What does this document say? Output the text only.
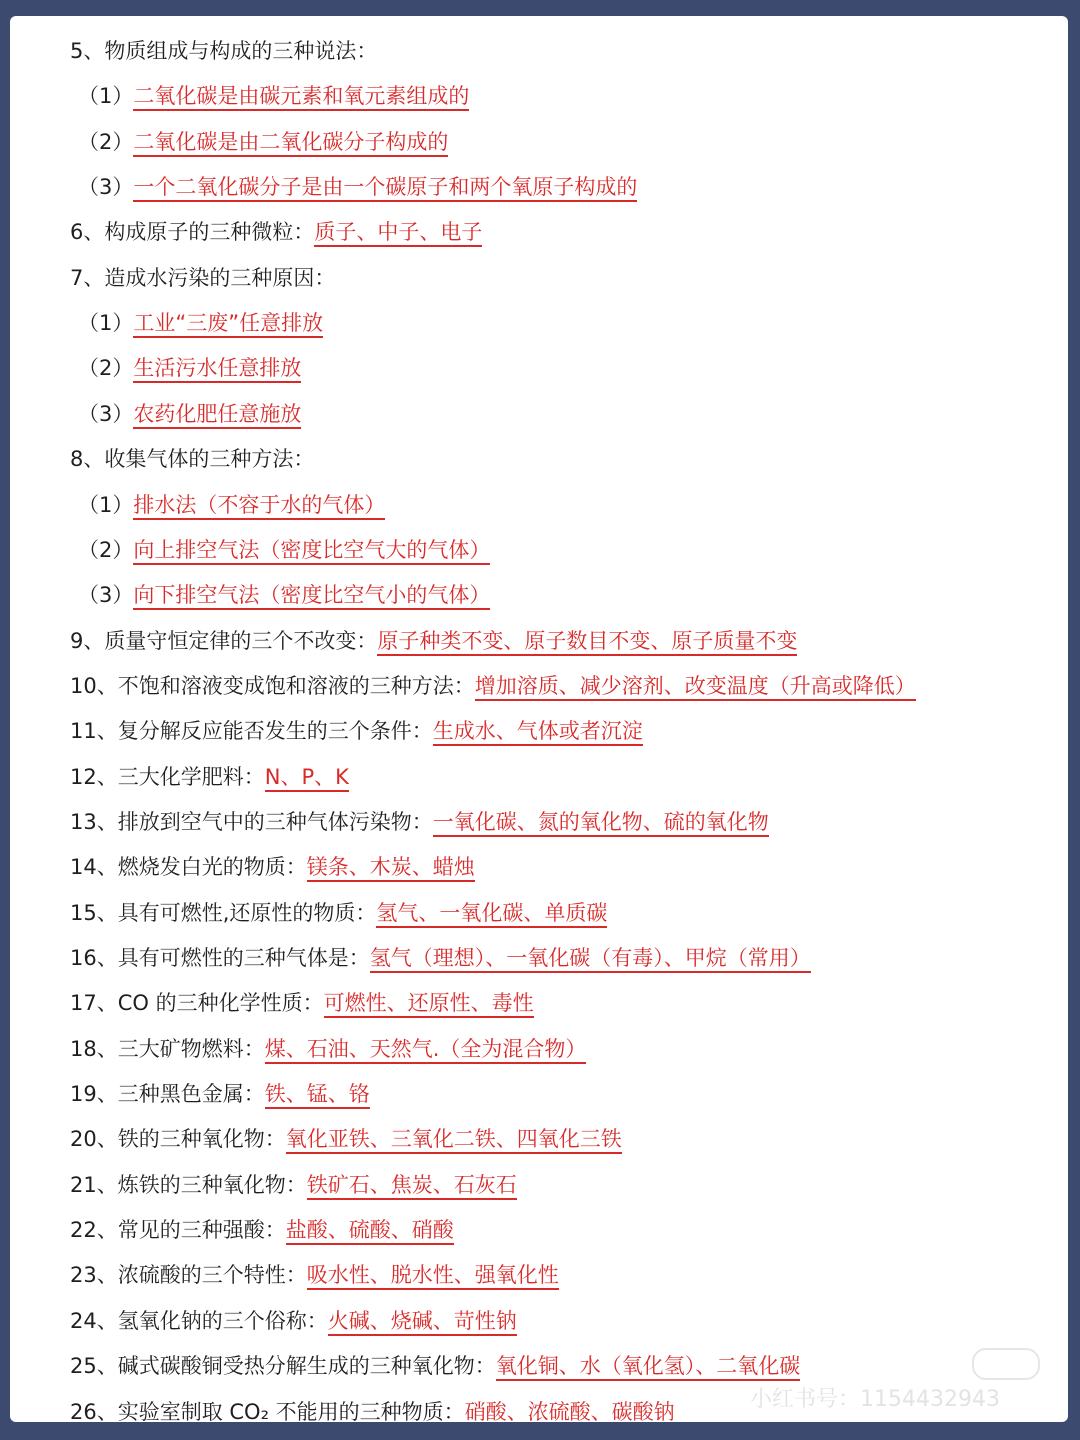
5、物质组成与构成的三种说法：
（1）二氧化碳是由碳元素和氧元素组成的
（2）二氧化碳是由二氧化碳分子构成的
（3）一个二氧化碳分子是由一个碳原子和两个氧原子构成的
6、构成原子的三种微粒：质子、中子、电子
7、造成水污染的三种原因：
（1）工业“三废”任意排放
（2）生活污水任意排放
（3）农药化肥任意施放
8、收集气体的三种方法：
（1）排水法（不容于水的气体）
（2）向上排空气法（密度比空气大的气体）
（3）向下排空气法（密度比空气小的气体）
9、质量守恒定律的三个不改变：原子种类不变、原子数目不变、原子质量不变
10、不饱和溶液变成饱和溶液的三种方法：增加溶质、减少溶剂、改变温度（升高或降低）
11、复分解反应能否发生的三个条件：生成水、气体或者沉淀
12、三大化学肥料：N、P、K
13、排放到空气中的三种气体污染物：一氧化碳、氮的氧化物、硫的氧化物
14、燃烧发白光的物质：镁条、木炭、蜡烛
15、具有可燃性,还原性的物质：氢气、一氧化碳、单质碳
16、具有可燃性的三种气体是：氢气（理想）、一氧化碳（有毒）、甲烷（常用）
17、CO 的三种化学性质：可燃性、还原性、毒性
18、三大矿物燃料：煤、石油、天然气.（全为混合物）
19、三种黑色金属：铁、锰、铬
20、铁的三种氧化物：氧化亚铁、三氧化二铁、四氧化三铁
21、炼铁的三种氧化物：铁矿石、焦炭、石灰石
22、常见的三种强酸：盐酸、硫酸、硝酸
23、浓硫酸的三个特性：吸水性、脱水性、强氧化性
24、氢氧化钠的三个俗称：火碱、烧碱、苛性钠
25、碱式碳酸铜受热分解生成的三种氧化物：氧化铜、水（氧化氢）、二氧化碳
26、实验室制取 CO₂ 不能用的三种物质：硝酸、浓硫酸、碳酸钠	小红书号：1154432943
